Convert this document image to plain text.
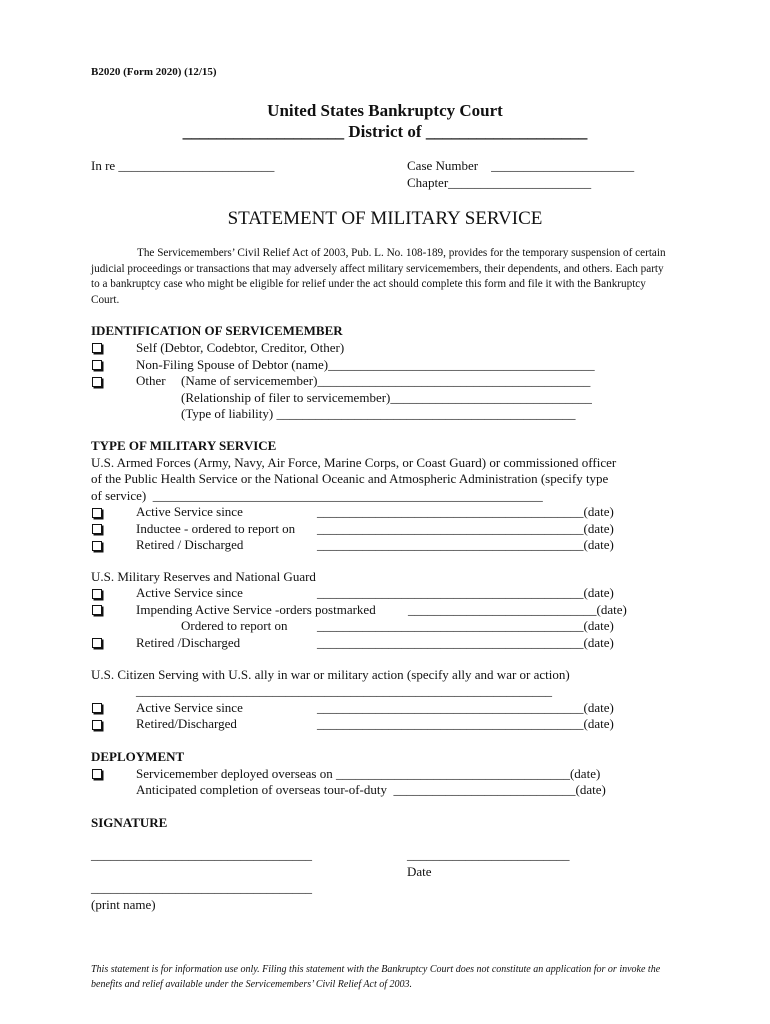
B2020 (Form 2020) (12/15)
United States Bankruptcy Court
___________________ District of ___________________
In re ________________________	Case Number    ______________________
Chapter______________________
STATEMENT OF MILITARY SERVICE
The Servicemembers’ Civil Relief Act of 2003, Pub. L. No. 108-189, provides for the temporary suspension of certain judicial proceedings or transactions that may adversely affect military servicemembers, their dependents, and others. Each party to a bankruptcy case who might be eligible for relief under the act should complete this form and file it with the Bankruptcy Court.
IDENTIFICATION OF SERVICEMEMBER
Self (Debtor, Codebtor, Creditor, Other)
Non-Filing Spouse of Debtor (name)_________________________________________
Other (Name of servicemember)__________________________________________
(Relationship of filer to servicemember)_______________________________
(Type of liability) ______________________________________________
TYPE OF MILITARY SERVICE
U.S. Armed Forces (Army, Navy, Air Force, Marine Corps, or Coast Guard) or commissioned officer
of the Public Health Service or the National Oceanic and Atmospheric Administration (specify type
of service)  ____________________________________________________________
Active Service since	_________________________________________(date)
Inductee - ordered to report on _________________________________________(date)
Retired / Discharged	_________________________________________(date)
U.S. Military Reserves and National Guard
Active Service since	_________________________________________(date)
Impending Active Service -orders postmarked _____________________________(date)
Ordered to report on _________________________________________(date)
Retired /Discharged	_________________________________________(date)
U.S. Citizen Serving with U.S. ally in war or military action (specify ally and war or action)
________________________________________________________________
Active Service since	_________________________________________(date)
Retired/Discharged	_________________________________________(date)
DEPLOYMENT
Servicemember deployed overseas on ____________________________________(date)
Anticipated completion of overseas tour-of-duty  ____________________________(date)
SIGNATURE
__________________________________	_________________________
Date
__________________________________
(print name)
This statement is for information use only. Filing this statement with the Bankruptcy Court does not constitute an application for or invoke the benefits and relief available under the Servicemembers’ Civil Relief Act of 2003.
